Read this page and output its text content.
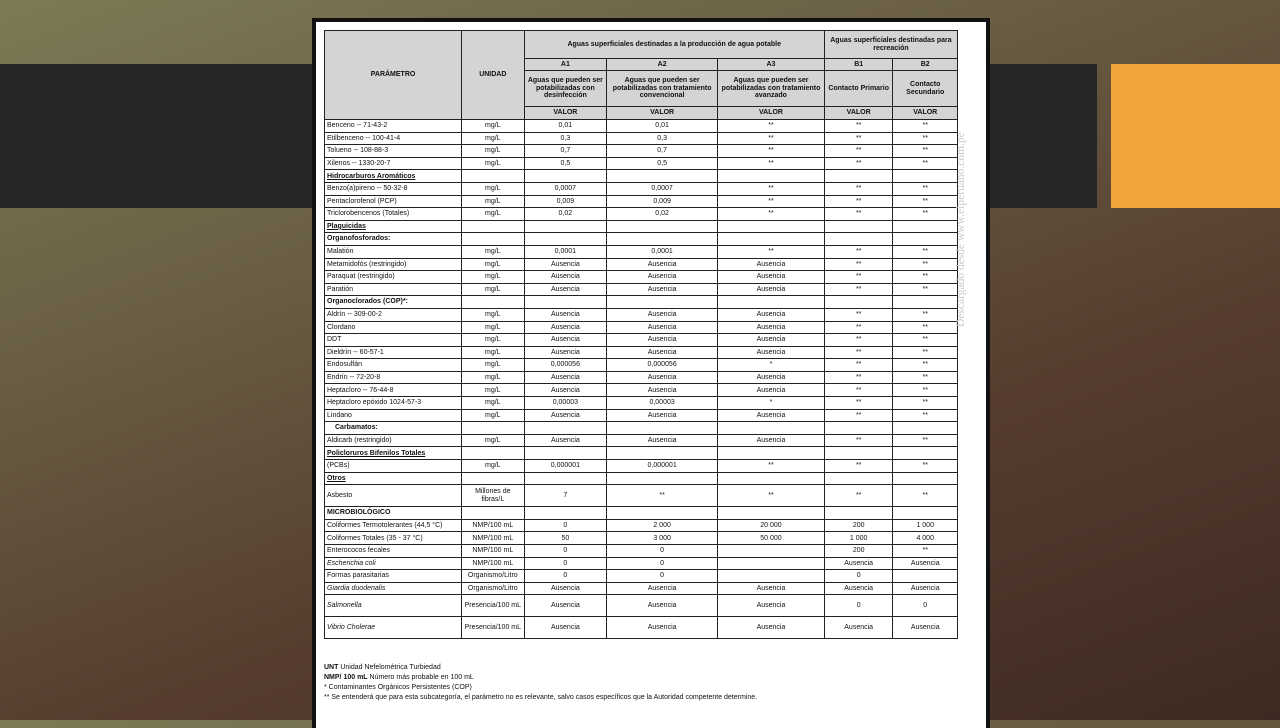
PARÁMETRO	UNIDAD	Aguas superficiales destinadas a la producción de agua potable			Aguas superficiales destinadas para recreación	
		A1	A2	A3	B1	B2
		Aguas que pueden ser potabilizadas con desinfección	Aguas que pueden ser potabilizadas con tratamiento convencional	Aguas que pueden ser potabilizadas con tratamiento avanzado	Contacto Primario	Contacto Secundario
		VALOR	VALOR	VALOR	VALOR	VALOR
Benceno -- 71-43-2	mg/L	0,01	0,01	**	**	**
Etilbenceno -- 100-41-4	mg/L	0,3	0,3	**	**	**
Tolueno -- 108-88-3	mg/L	0,7	0,7	**	**	**
Xilenos -- 1330-20-7	mg/L	0,5	0,5	**	**	**
Hidrocarburos Aromáticos						
Benzo(a)pireno -- 50-32-8	mg/L	0,0007	0,0007	**	**	**
Pentaclorofenol (PCP)	mg/L	0,009	0,009	**	**	**
Triclorobencenos (Totales)	mg/L	0,02	0,02	**	**	**
Plaguicidas						
Organofosforados:						
Malatión	mg/L	0,0001	0,0001	**	**	**
Metamidofós (restringido)	mg/L	Ausencia	Ausencia	Ausencia	**	**
Paraquat (restringido)	mg/L	Ausencia	Ausencia	Ausencia	**	**
Paratión	mg/L	Ausencia	Ausencia	Ausencia	**	**
Organoclorados (COP)*:						
Aldrín -- 309-00-2	mg/L	Ausencia	Ausencia	Ausencia	**	**
Clordano	mg/L	Ausencia	Ausencia	Ausencia	**	**
DDT	mg/L	Ausencia	Ausencia	Ausencia	**	**
Dieldrín -- 60-57-1	mg/L	Ausencia	Ausencia	Ausencia	**	**
Endosulfán	mg/L	0,000056	0,000056	*	**	**
Endrín -- 72-20-8	mg/L	Ausencia	Ausencia	Ausencia	**	**
Heptacloro -- 76-44-8	mg/L	Ausencia	Ausencia	Ausencia	**	**
Heptacloro epóxido 1024-57-3	mg/L	0,00003	0,00003	*	**	**
Lindano	mg/L	Ausencia	Ausencia	Ausencia	**	**
Carbamatos:						
Aldicarb (restringido)	mg/L	Ausencia	Ausencia	Ausencia	**	**
Policloruros Bifenilos Totales						
(PCBs)	mg/L	0,000001	0,000001	**	**	**
Otros						
Asbesto	Millones de fibras/L	7	**	**	**	**
MICROBIOLÓGICO						
Coliformes Termotolerantes (44,5 °C)	NMP/100 mL	0	2 000	20 000	200	1 000
Coliformes Totales (35 - 37 °C)	NMP/100 mL	50	3 000	50 000	1 000	4 000
Enterococos fecales	NMP/100 mL	0	0		200	**
Escherichia coli	NMP/100 mL	0	0		Ausencia	Ausencia
Formas parasitarias	Organismo/Litro	0	0		0	
Giardia duodenalis	Organismo/Litro	Ausencia	Ausencia	Ausencia	Ausencia	Ausencia
Salmonella	Presencia/100 mL	Ausencia	Ausencia	Ausencia	0	0
Vibrio Cholerae	Presencia/100 mL	Ausencia	Ausencia	Ausencia	Ausencia	Ausencia
UNT Unidad Nefelométrica Turbiedad
NMP/ 100 mL Número más probable en 100 mL
* Contaminantes Orgánicos Persistentes (COP)
** Se entenderá que para esta subcategoría, el parámetro no es relevante, salvo casos específicos que la Autoridad competente determine.
Descargado desde www.elperuano.com.pe
